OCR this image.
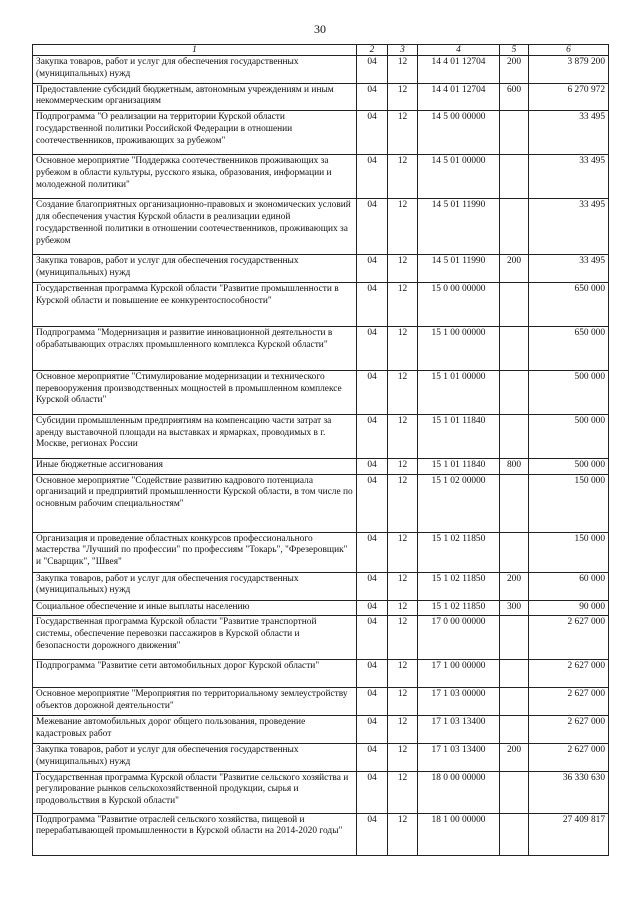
30
1	2	3	4	5	6
Закупка товаров, работ и услуг для обеспечения государственных (муниципальных) нужд	04	12	14 4 01 12704	200	3 879 200
Предоставление субсидий бюджетным, автономным учреждениям и иным некоммерческим организациям	04	12	14 4 01 12704	600	6 270 972
Подпрограмма "О реализации на территории Курской области государственной политики Российской Федерации в отношении соотечественников, проживающих за рубежом"	04	12	14 5 00 00000		33 495
Основное мероприятие "Поддержка соотечественников проживающих за рубежом в области культуры, русского языка, образования, информации и молодежной политики"	04	12	14 5 01 00000		33 495
Создание благоприятных организационно-правовых и экономических условий для обеспечения участия Курской области в реализации единой государственной политики в отношении соотечественников, проживающих за рубежом	04	12	14 5 01 11990		33 495
Закупка товаров, работ и услуг для обеспечения государственных (муниципальных) нужд	04	12	14 5 01 11990	200	33 495
Государственная программа Курской области "Развитие промышленности в Курской области и повышение ее конкурентоспособности"	04	12	15 0 00 00000		650 000
Подпрограмма "Модернизация и развитие инновационной деятельности в обрабатывающих отраслях промышленного комплекса Курской области"	04	12	15 1 00 00000		650 000
Основное мероприятие "Стимулирование модернизации и технического перевооружения производственных мощностей в промышленном комплексе Курской области"	04	12	15 1 01 00000		500 000
Субсидии промышленным предприятиям на компенсацию части затрат за аренду выставочной площади на выставках и ярмарках, проводимых в г. Москве, регионах России	04	12	15 1 01 11840		500 000
Иные бюджетные ассигнования	04	12	15 1 01 11840	800	500 000
Основное мероприятие "Содействие развитию кадрового потенциала организаций и предприятий промышленности Курской области, в том числе по основным рабочим специальностям"	04	12	15 1 02 00000		150 000
Организация и проведение областных конкурсов профессионального мастерства "Лучший по профессии" по профессиям "Токарь", "Фрезеровщик" и "Сварщик", "Швея"	04	12	15 1 02 11850		150 000
Закупка товаров, работ и услуг для обеспечения государственных (муниципальных) нужд	04	12	15 1 02 11850	200	60 000
Социальное обеспечение и иные выплаты населению	04	12	15 1 02 11850	300	90 000
Государственная программа Курской области "Развитие транспортной системы, обеспечение перевозки пассажиров в Курской области и безопасности дорожного движения"	04	12	17 0 00 00000		2 627 000
Подпрограмма "Развитие сети автомобильных дорог Курской области"	04	12	17 1 00 00000		2 627 000
Основное мероприятие "Мероприятия по территориальному землеустройству объектов дорожной деятельности"	04	12	17 1 03 00000		2 627 000
Межевание автомобильных дорог общего пользования, проведение кадастровых работ	04	12	17 1 03 13400		2 627 000
Закупка товаров, работ и услуг для обеспечения государственных (муниципальных) нужд	04	12	17 1 03 13400	200	2 627 000
Государственная программа Курской области "Развитие сельского хозяйства и регулирование рынков сельскохозяйственной продукции, сырья и продовольствия в Курской области"	04	12	18 0 00 00000		36 330 630
Подпрограмма "Развитие отраслей сельского хозяйства, пищевой и перерабатывающей промышленности в Курской области на 2014-2020 годы"	04	12	18 1 00 00000		27 409 817
